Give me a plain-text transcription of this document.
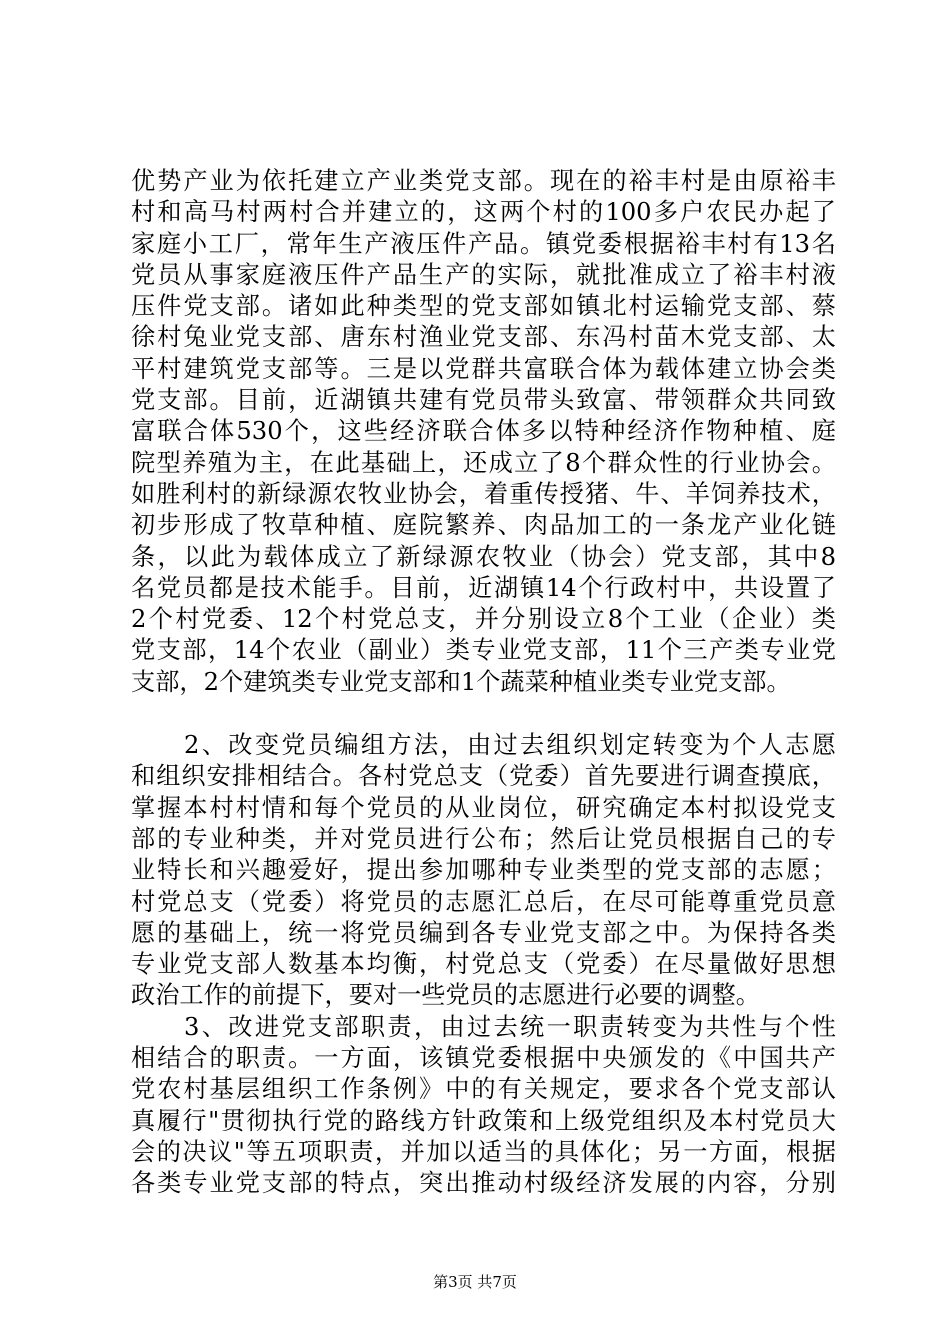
优势产业为依托建立产业类党支部。现在的裕丰村是由原裕丰

村和高马村两村合并建立的，这两个村的100多户农民办起了

家庭小工厂，常年生产液压件产品。镇党委根据裕丰村有13名

党员从事家庭液压件产品生产的实际，就批准成立了裕丰村液

压件党支部。诸如此种类型的党支部如镇北村运输党支部、蔡

徐村兔业党支部、唐东村渔业党支部、东冯村苗木党支部、太

平村建筑党支部等。三是以党群共富联合体为载体建立协会类

党支部。目前，近湖镇共建有党员带头致富、带领群众共同致

富联合体530个，这些经济联合体多以特种经济作物种植、庭

院型养殖为主，在此基础上，还成立了8个群众性的行业协会。

如胜利村的新绿源农牧业协会，着重传授猪、牛、羊饲养技术，

初步形成了牧草种植、庭院繁养、肉品加工的一条龙产业化链

条，以此为载体成立了新绿源农牧业（协会）党支部，其中8

名党员都是技术能手。目前，近湖镇14个行政村中，共设置了

2个村党委、12个村党总支，并分别设立8个工业（企业）类

党支部，14个农业（副业）类专业党支部，11个三产类专业党

支部，2个建筑类专业党支部和1个蔬菜种植业类专业党支部。

　　2、改变党员编组方法，由过去组织划定转变为个人志愿

和组织安排相结合。各村党总支（党委）首先要进行调查摸底，

掌握本村村情和每个党员的从业岗位，研究确定本村拟设党支

部的专业种类，并对党员进行公布；然后让党员根据自己的专

业特长和兴趣爱好，提出参加哪种专业类型的党支部的志愿；

村党总支（党委）将党员的志愿汇总后，在尽可能尊重党员意

愿的基础上，统一将党员编到各专业党支部之中。为保持各类

专业党支部人数基本均衡，村党总支（党委）在尽量做好思想

政治工作的前提下，要对一些党员的志愿进行必要的调整。

　　3、改进党支部职责，由过去统一职责转变为共性与个性

相结合的职责。一方面，该镇党委根据中央颁发的《中国共产

党农村基层组织工作条例》中的有关规定，要求各个党支部认

真履行"贯彻执行党的路线方针政策和上级党组织及本村党员大

会的决议"等五项职责，并加以适当的具体化；另一方面，根据

各类专业党支部的特点，突出推动村级经济发展的内容，分别

第3页 共7页
